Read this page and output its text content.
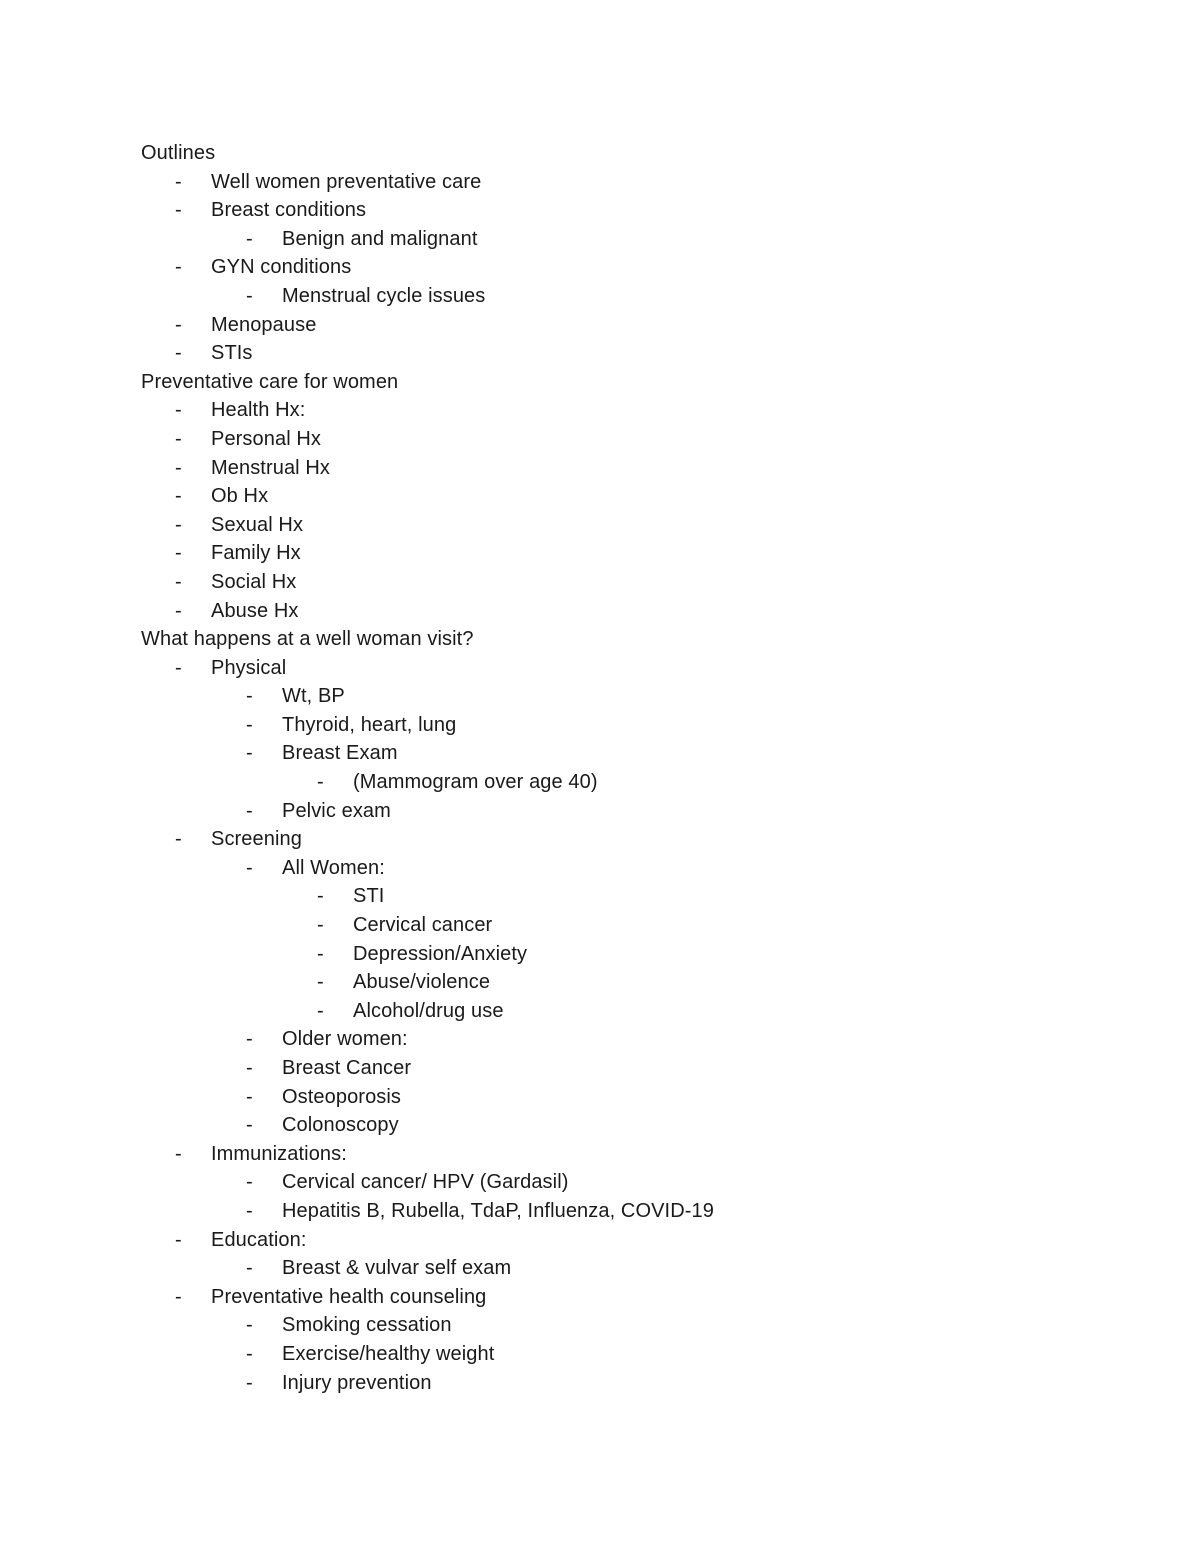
Outlines
- Well women preventative care
- Breast conditions
- Benign and malignant
- GYN conditions
- Menstrual cycle issues
- Menopause
- STIs
Preventative care for women
- Health Hx:
- Personal Hx
- Menstrual Hx
- Ob Hx
- Sexual Hx
- Family Hx
- Social Hx
- Abuse Hx
What happens at a well woman visit?
- Physical
- Wt, BP
- Thyroid, heart, lung
- Breast Exam
- (Mammogram over age 40)
- Pelvic exam
- Screening
- All Women:
- STI
- Cervical cancer
- Depression/Anxiety
- Abuse/violence
- Alcohol/drug use
- Older women:
- Breast Cancer
- Osteoporosis
- Colonoscopy
- Immunizations:
- Cervical cancer/ HPV (Gardasil)
- Hepatitis B, Rubella, TdaP, Influenza, COVID-19
- Education:
- Breast & vulvar self exam
- Preventative health counseling
- Smoking cessation
- Exercise/healthy weight
- Injury prevention
